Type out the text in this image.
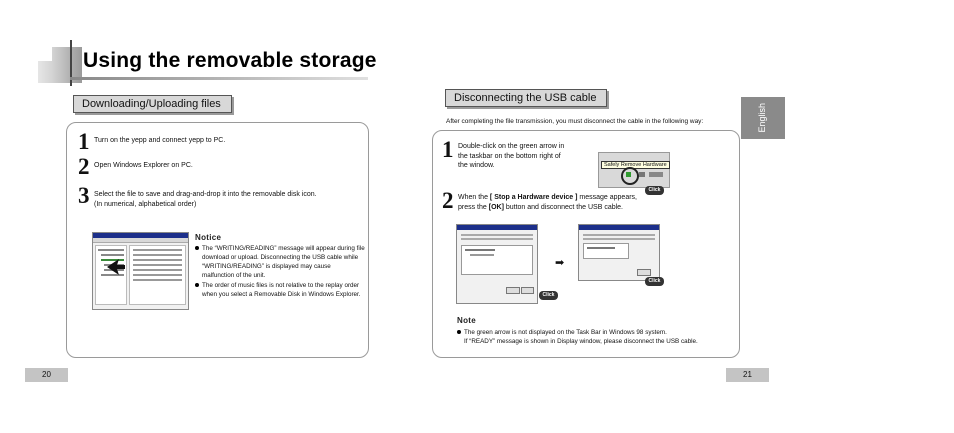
Using the removable storage
Downloading/Uploading files
1 Turn on the yepp and connect yepp to PC.
2 Open Windows Explorer on PC.
3 Select the file to save and drag-and-drop it into the removable disk icon.
(In numerical, alphabetical order)
Notice
The “WRITING/READING” message will appear during file
download or upload. Disconnecting the USB cable while
“WRITING/READING” is displayed may cause
malfunction of the unit.
The order of music files is not relative to the replay order
when you select a Removable Disk in Windows Explorer.
20
Disconnecting the USB cable
After completing the file transmission, you must disconnect the cable in the following way:	English
1 Double-click on the green arrow in
the taskbar on the bottom right of
the window.	Safely Remove Hardware
Click
2 When the [ Stop a Hardware device ] message appears,
press the [OK] button and disconnect the USB cable.
Click
➡
Click
Note
The green arrow is not displayed on the Task Bar in Windows 98 system.
If “READY” message is shown in Display window, please disconnect the USB cable.
21
